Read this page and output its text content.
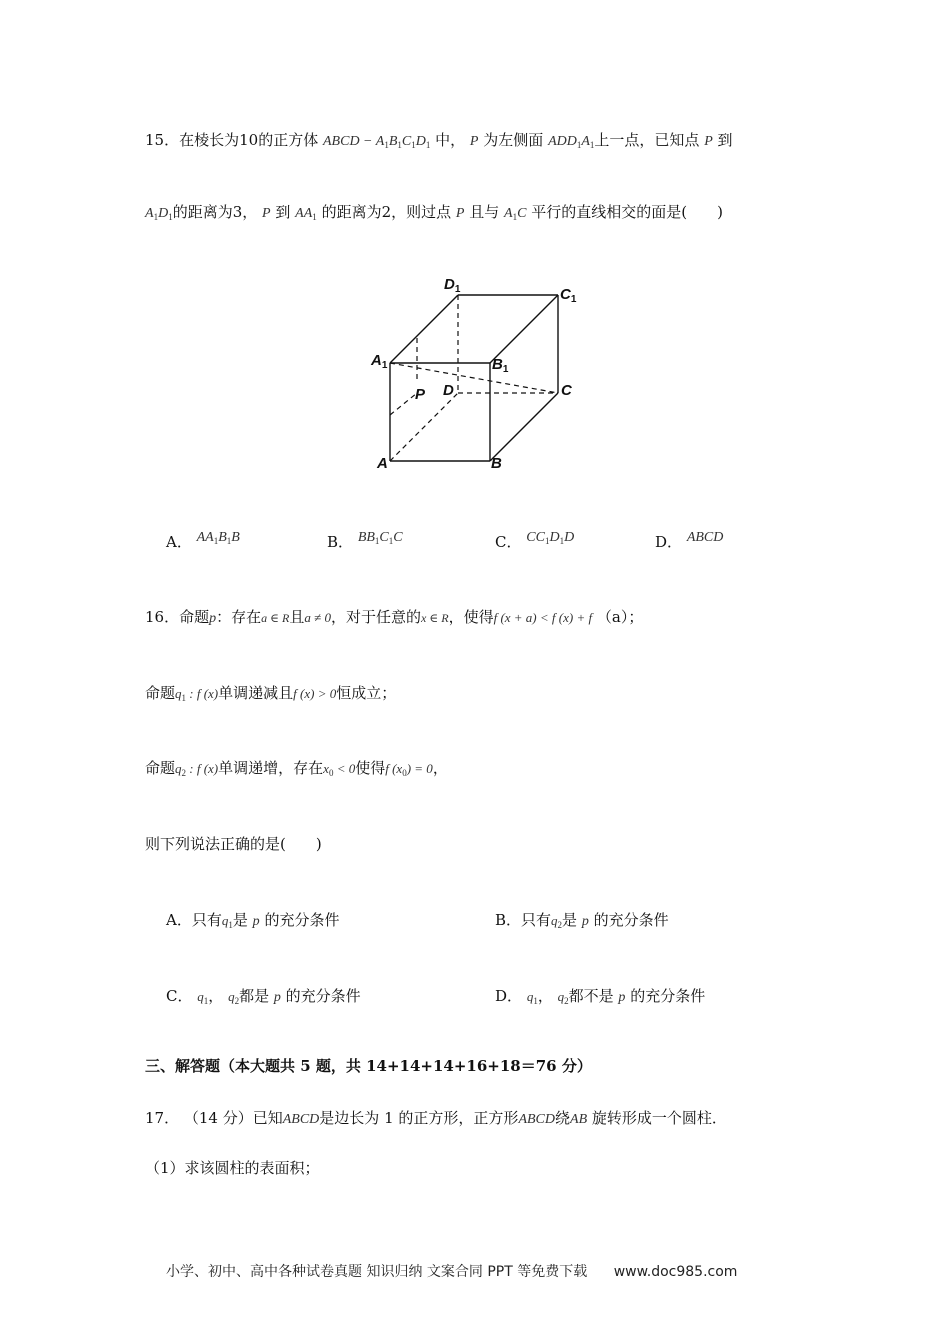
15．在棱长为10的正方体 ABCD − $A_1B_1C_1D_1$ 中， P 为左侧面 $ADD_1A_1$上一点，已知点 P 到
$A_1D_1$的距离为3， P 到 $AA_1$ 的距离为2，则过点 P 且与 $A_1C$ 平行的直线相交的面是(　　)
$D_1$	$C_1$
$A_1$	$B_1$
P D	C
A	B
A． $AA_1B_1B$	B． $BB_1C_1C$	C． $CC_1D_1D$	D． ABCD
16．命题p：存在a ∈ R且a ≠ 0，对于任意的x ∈ R，使得f (x + a) < f (x) + f （a）；
命题$q_1$ : f (x)单调递减且f (x) > 0恒成立；
命题$q_2$ : f (x)单调递增，存在$x_0 < 0$使得f $(x_0) = 0$，
则下列说法正确的是(　　)
A．只有$q_1$是 p 的充分条件	B．只有$q_2$是 p 的充分条件
C． $q_1$， $q_2$都是 p 的充分条件	D． $q_1$， $q_2$都不是 p 的充分条件
三、解答题（本大题共 5 题，共 14+14+14+16+18＝76 分）
17． （14 分）已知ABCD是边长为 1 的正方形，正方形ABCD绕AB 旋转形成一个圆柱．
（1）求该圆柱的表面积；
小学、初中、高中各种试卷真题 知识归纳 文案合同 PPT 等免费下载 www.doc985.com
